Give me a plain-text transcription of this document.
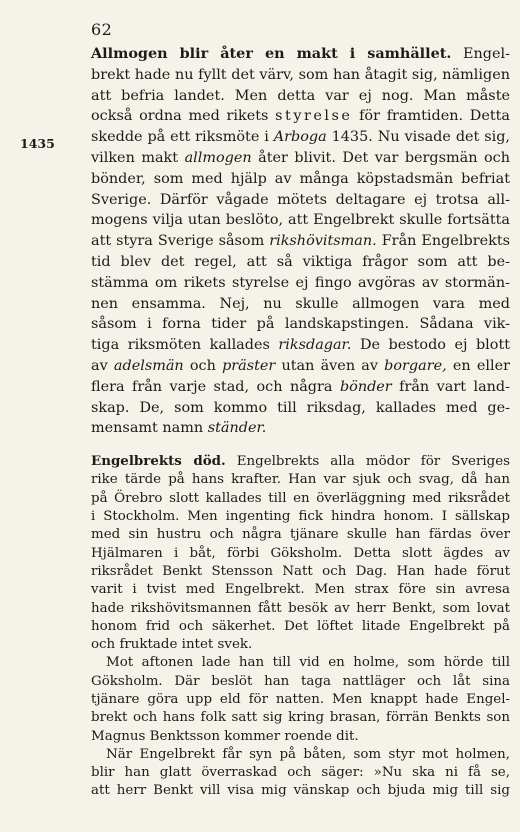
62
1435

Allmogen blir åter en makt i samhället. Engel-

brekt hade nu fyllt det värv, som han åtagit sig, nämligen

att befria landet. Men detta var ej nog. Man måste

också ordna med rikets styrelse för framtiden. Detta

skedde på ett riksmöte i Arboga 1435. Nu visade det sig,

vilken makt allmogen åter blivit. Det var bergsmän och

bönder, som med hjälp av många köpstadsmän befriat

Sverige. Därför vågade mötets deltagare ej trotsa all-

mogens vilja utan beslöto, att Engelbrekt skulle fortsätta

att styra Sverige såsom rikshövitsman. Från Engelbrekts

tid blev det regel, att så viktiga frågor som att be-

stämma om rikets styrelse ej fingo avgöras av stormän-

nen ensamma. Nej, nu skulle allmogen vara med

såsom i forna tider på landskapstingen. Sådana vik-

tiga riksmöten kallades riksdagar. De bestodo ej blott

av adelsmän och präster utan även av borgare, en eller

flera från varje stad, och några bönder från vart land-

skap. De, som kommo till riksdag, kallades med ge-

mensamt namn ständer.

Engelbrekts död. Engelbrekts alla mödor för Sveriges

rike tärde på hans krafter. Han var sjuk och svag, då han

på Örebro slott kallades till en överläggning med riksrådet

i Stockholm. Men ingenting fick hindra honom. I sällskap

med sin hustru och några tjänare skulle han färdas över

Hjälmaren i båt, förbi Göksholm. Detta slott ägdes av

riksrådet Benkt Stensson Natt och Dag. Han hade förut

varit i tvist med Engelbrekt. Men strax före sin avresa

hade rikshövitsmannen fått besök av herr Benkt, som lovat

honom frid och säkerhet. Det löftet litade Engelbrekt på

och fruktade intet svek.

Mot aftonen lade han till vid en holme, som hörde till

Göksholm. Där beslöt han taga nattläger och låt sina

tjänare göra upp eld för natten. Men knappt hade Engel-

brekt och hans folk satt sig kring brasan, förrän Benkts son

Magnus Benktsson kommer roende dit.

När Engelbrekt får syn på båten, som styr mot holmen,

blir han glatt överraskad och säger: »Nu ska ni få se,

att herr Benkt vill visa mig vänskap och bjuda mig till sig
